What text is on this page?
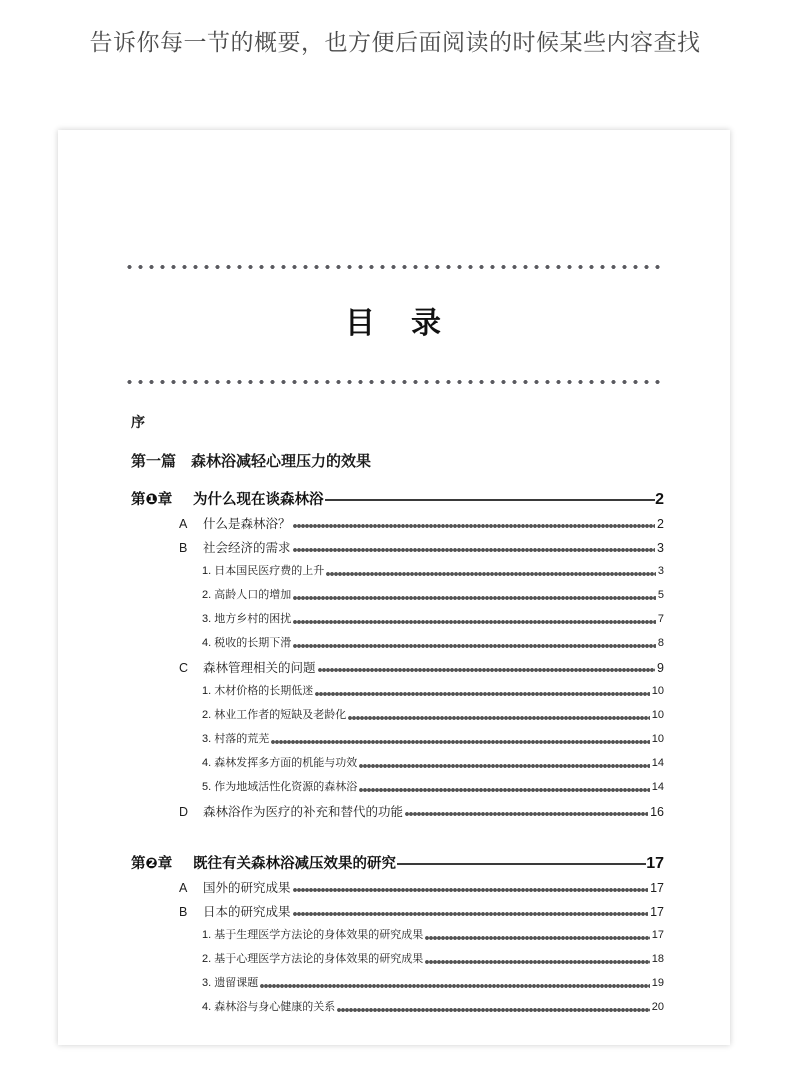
告诉你每一节的概要，也方便后面阅读的时候某些内容查找
目 录
序
第一篇　森林浴减轻心理压力的效果
第❶章 为什么现在谈森林浴	2
A 什么是森林浴？	2
B 社会经济的需求	3
1. 日本国民医疗费的上升	3
2. 高龄人口的增加	5
3. 地方乡村的困扰	7
4. 税收的长期下滑	8
C 森林管理相关的问题	9
1. 木材价格的长期低迷	10
2. 林业工作者的短缺及老龄化	10
3. 村落的荒芜	10
4. 森林发挥多方面的机能与功效	14
5. 作为地域活性化资源的森林浴	14
D 森林浴作为医疗的补充和替代的功能	16
第❷章 既往有关森林浴减压效果的研究	17
A 国外的研究成果	17
B 日本的研究成果	17
1. 基于生理医学方法论的身体效果的研究成果	17
2. 基于心理医学方法论的身体效果的研究成果	18
3. 遗留课题	19
4. 森林浴与身心健康的关系	20
